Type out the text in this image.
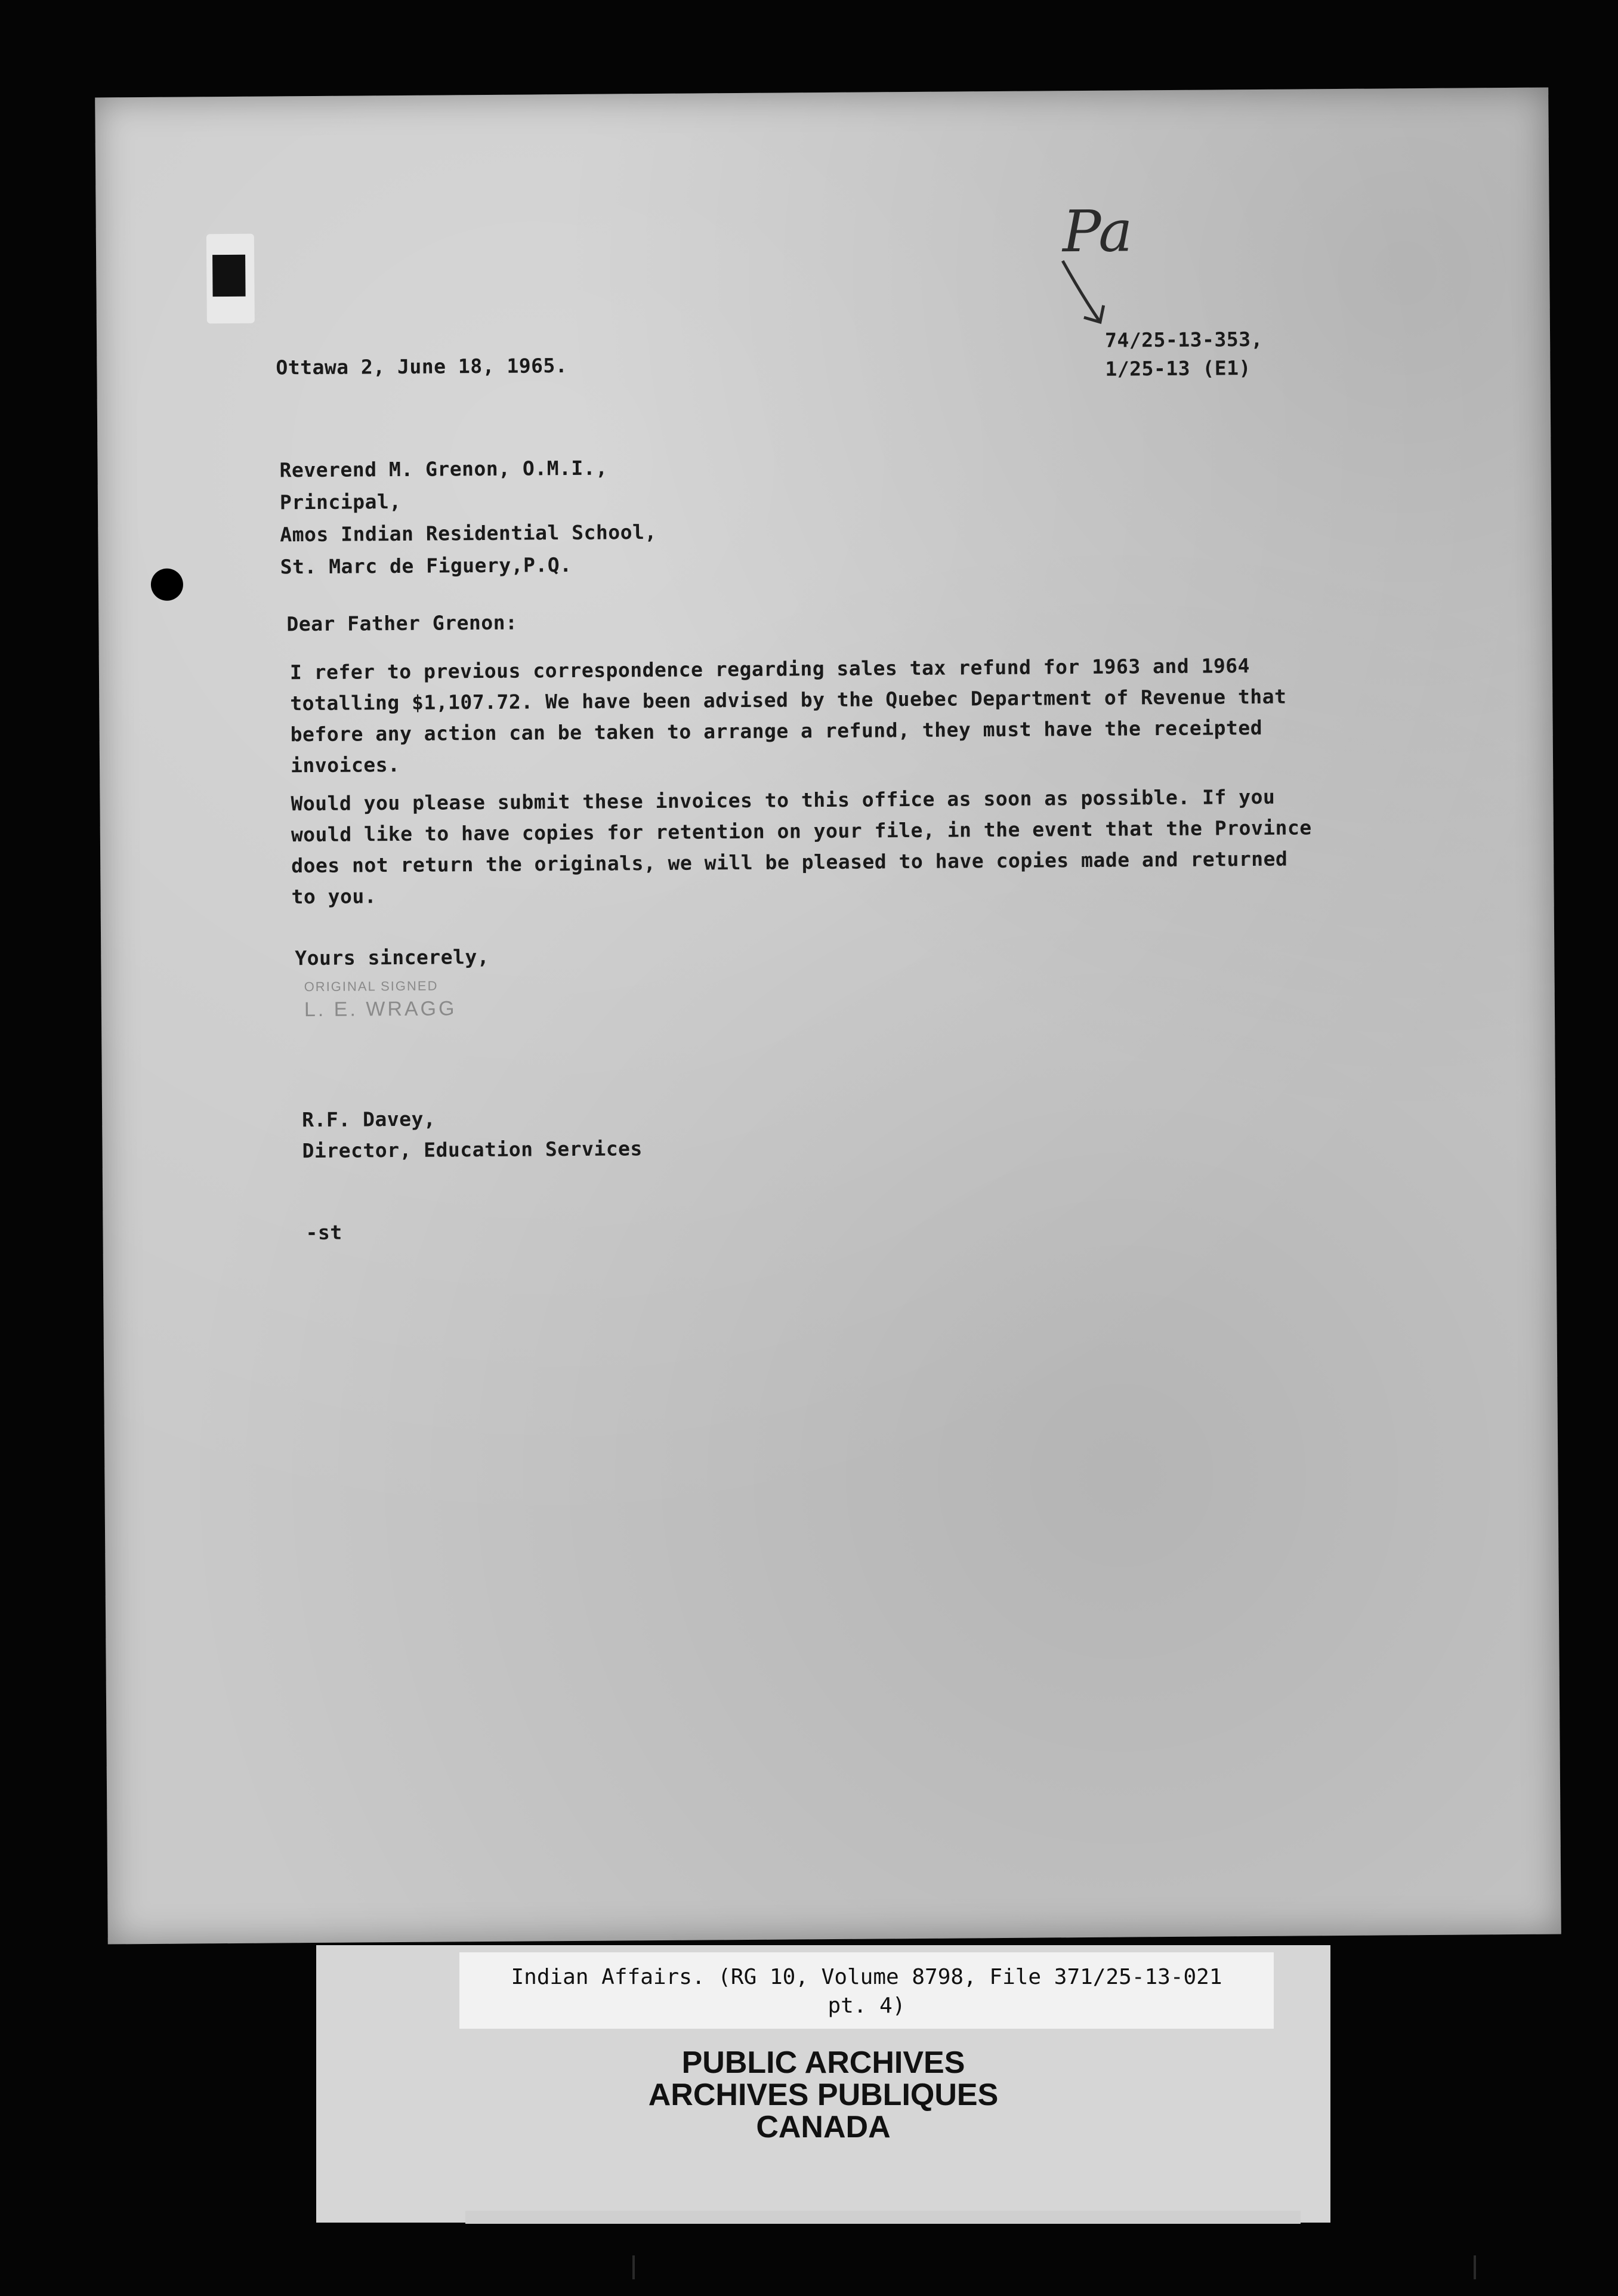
Pa
74/25-13-353,
1/25-13 (E1)
Ottawa 2, June 18, 1965.
Reverend M. Grenon, O.M.I.,
Principal,
Amos Indian Residential School,
St. Marc de Figuery,P.Q.
Dear Father Grenon:
I refer to previous correspondence regarding sales tax refund for 1963 and 1964 totalling $1,107.72. We have been advised by the Quebec Department of Revenue that before any action can be taken to arrange a refund, they must have the receipted invoices.
Would you please submit these invoices to this office as soon as possible. If you would like to have copies for retention on your file, in the event that the Province does not return the originals, we will be pleased to have copies made and returned to you.
Yours sincerely,
ORIGINAL SIGNED
L. E. WRAGG
R.F. Davey,
Director, Education Services
-st
Indian Affairs. (RG 10, Volume 8798, File 371/25-13-021
pt. 4)
PUBLIC ARCHIVES
ARCHIVES PUBLIQUES
CANADA
